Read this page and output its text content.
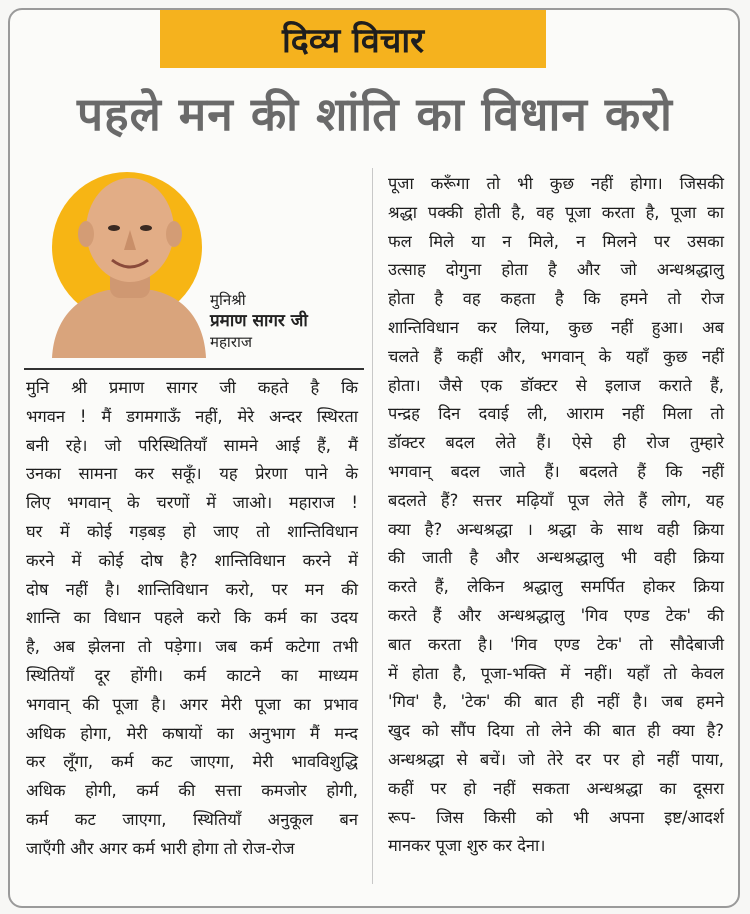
दिव्य विचार
पहले मन की शांति का विधान करो
मुनिश्री
प्रमाण सागर जी
महाराज
मुनि श्री प्रमाण सागर जी कहते है कि
भगवन ! मैं डगमगाऊँ नहीं, मेरे अन्दर स्थिरता
बनी रहे। जो परिस्थितियाँ सामने आई हैं, मैं
उनका सामना कर सकूँ। यह प्रेरणा पाने के
लिए भगवान् के चरणों में जाओ। महाराज !
घर में कोई गड़बड़ हो जाए तो शान्तिविधान
करने में कोई दोष है? शान्तिविधान करने में
दोष नहीं है। शान्तिविधान करो, पर मन की
शान्ति का विधान पहले करो कि कर्म का उदय
है, अब झेलना तो पड़ेगा। जब कर्म कटेगा तभी
स्थितियाँ दूर होंगी। कर्म काटने का माध्यम
भगवान् की पूजा है। अगर मेरी पूजा का प्रभाव
अधिक होगा, मेरी कषायों का अनुभाग मैं मन्द
कर लूँगा, कर्म कट जाएगा, मेरी भावविशुद्धि
अधिक होगी, कर्म की सत्ता कमजोर होगी,
कर्म कट जाएगा, स्थितियाँ अनुकूल बन
जाएँगी और अगर कर्म भारी होगा तो रोज-रोज
पूजा करूँगा तो भी कुछ नहीं होगा। जिसकी
श्रद्धा पक्की होती है, वह पूजा करता है, पूजा का
फल मिले या न मिले, न मिलने पर उसका
उत्साह दोगुना होता है और जो अन्धश्रद्धालु
होता है वह कहता है कि हमने तो रोज
शान्तिविधान कर लिया, कुछ नहीं हुआ। अब
चलते हैं कहीं और, भगवान् के यहाँ कुछ नहीं
होता। जैसे एक डॉक्टर से इलाज कराते हैं,
पन्द्रह दिन दवाई ली, आराम नहीं मिला तो
डॉक्टर बदल लेते हैं। ऐसे ही रोज तुम्हारे
भगवान् बदल जाते हैं। बदलते हैं कि नहीं
बदलते हैं? सत्तर मढ़ियाँ पूज लेते हैं लोग, यह
क्या है? अन्धश्रद्धा । श्रद्धा के साथ वही क्रिया
की जाती है और अन्धश्रद्धालु भी वही क्रिया
करते हैं, लेकिन श्रद्धालु समर्पित होकर क्रिया
करते हैं और अन्धश्रद्धालु 'गिव एण्ड टेक' की
बात करता है। 'गिव एण्ड टेक' तो सौदेबाजी
में होता है, पूजा-भक्ति में नहीं। यहाँ तो केवल
'गिव' है, 'टेक' की बात ही नहीं है। जब हमने
खुद को सौंप दिया तो लेने की बात ही क्या है?
अन्धश्रद्धा से बचें। जो तेरे दर पर हो नहीं पाया,
कहीं पर हो नहीं सकता अन्धश्रद्धा का दूसरा
रूप- जिस किसी को भी अपना इष्ट/आदर्श
मानकर पूजा शुरु कर देना।
